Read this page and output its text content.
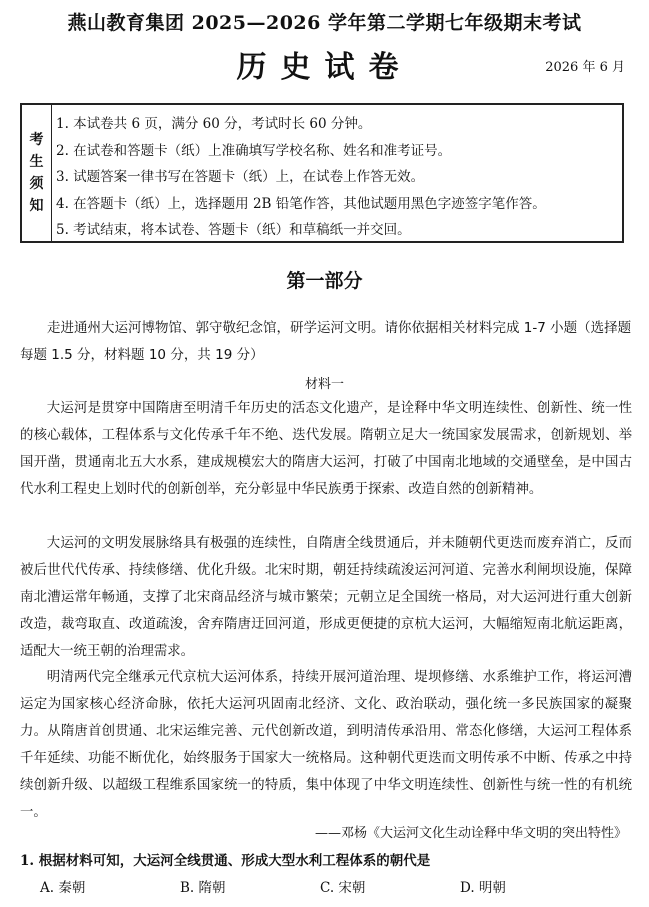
燕山教育集团 2025—2026 学年第二学期七年级期末考试
历史试卷	2026 年 6 月
考
生
须
知
1. 本试卷共 6 页，满分 60 分，考试时长 60 分钟。
2. 在试卷和答题卡（纸）上准确填写学校名称、姓名和准考证号。
3. 试题答案一律书写在答题卡（纸）上，在试卷上作答无效。
4. 在答题卡（纸）上，选择题用 2B 铅笔作答，其他试题用黑色字迹签字笔作答。
5. 考试结束，将本试卷、答题卡（纸）和草稿纸一并交回。
第一部分
走进通州大运河博物馆、郭守敬纪念馆，研学运河文明。请你依据相关材料完成 1-7 小题（选择题每题 1.5 分，材料题 10 分，共 19 分）
材料一
大运河是贯穿中国隋唐至明清千年历史的活态文化遗产，是诠释中华文明连续性、创新性、统一性的核心载体，工程体系与文化传承千年不绝、迭代发展。隋朝立足大一统国家发展需求，创新规划、举国开凿，贯通南北五大水系，建成规模宏大的隋唐大运河，打破了中国南北地域的交通壁垒，是中国古代水利工程史上划时代的创新创举，充分彰显中华民族勇于探索、改造自然的创新精神。
大运河的文明发展脉络具有极强的连续性，自隋唐全线贯通后，并未随朝代更迭而废弃消亡，反而被后世代代传承、持续修缮、优化升级。北宋时期，朝廷持续疏浚运河河道、完善水利闸坝设施，保障南北漕运常年畅通，支撑了北宋商品经济与城市繁荣；元朝立足全国统一格局，对大运河进行重大创新改造，裁弯取直、改道疏浚，舍弃隋唐迂回河道，形成更便捷的京杭大运河，大幅缩短南北航运距离，适配大一统王朝的治理需求。
明清两代完全继承元代京杭大运河体系，持续开展河道治理、堤坝修缮、水系维护工作，将运河漕运定为国家核心经济命脉，依托大运河巩固南北经济、文化、政治联动，强化统一多民族国家的凝聚力。从隋唐首创贯通、北宋运维完善、元代创新改道，到明清传承沿用、常态化修缮，大运河工程体系千年延续、功能不断优化，始终服务于国家大一统格局。这种朝代更迭而文明传承不中断、传承之中持续创新升级、以超级工程维系国家统一的特质，集中体现了中华文明连续性、创新性与统一性的有机统一。
——邓杨《大运河文化生动诠释中华文明的突出特性》
1. 根据材料可知，大运河全线贯通、形成大型水利工程体系的朝代是
A. 秦朝	B. 隋朝	C. 宋朝	D. 明朝
